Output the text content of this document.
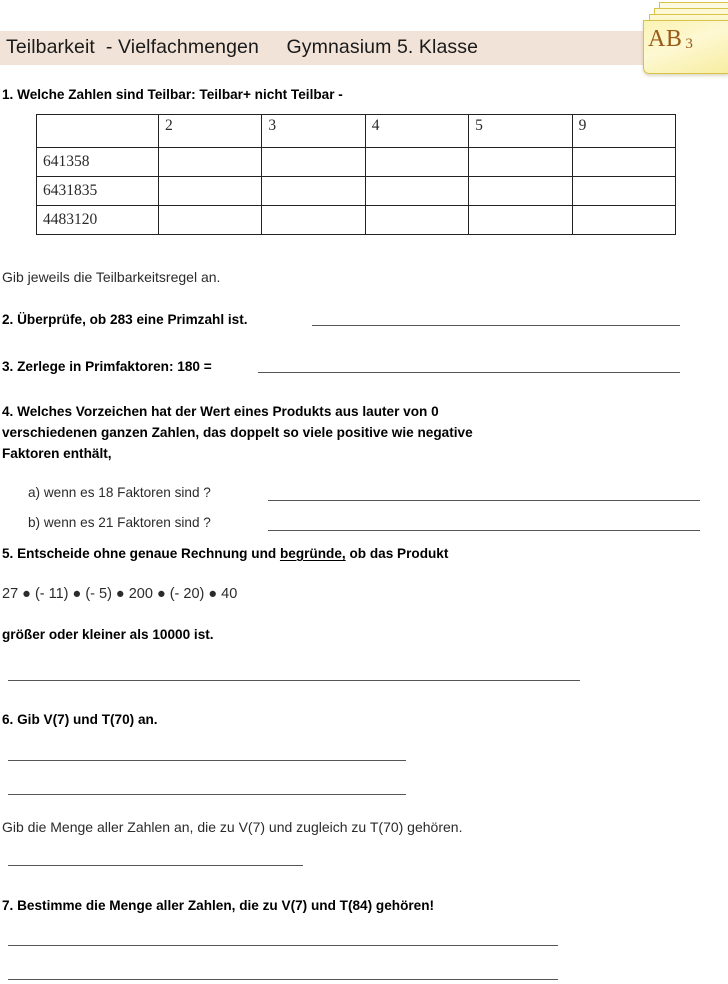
Teilbarkeit  - Vielfachmengen     Gymnasium 5. Klasse	AB 3
1. Welche Zahlen sind Teilbar: Teilbar+ nicht Teilbar -
	2	3	4	5	9
641358					
6431835					
4483120					
Gib jeweils die Teilbarkeitsregel an.
2. Überprüfe, ob 283 eine Primzahl ist.
3. Zerlege in Primfaktoren: 180 =
4. Welches Vorzeichen hat der Wert eines Produkts aus lauter von 0
verschiedenen ganzen Zahlen, das doppelt so viele positive wie negative
Faktoren enthält,
a) wenn es 18 Faktoren sind ?
b) wenn es 21 Faktoren sind ?
5. Entscheide ohne genaue Rechnung und begründe, ob das Produkt
27 ● (- 11) ● (- 5) ● 200 ● (- 20) ● 40
größer oder kleiner als 10000 ist.
6. Gib V(7) und T(70) an.
Gib die Menge aller Zahlen an, die zu V(7) und zugleich zu T(70) gehören.
7. Bestimme die Menge aller Zahlen, die zu V(7) und T(84) gehören!
